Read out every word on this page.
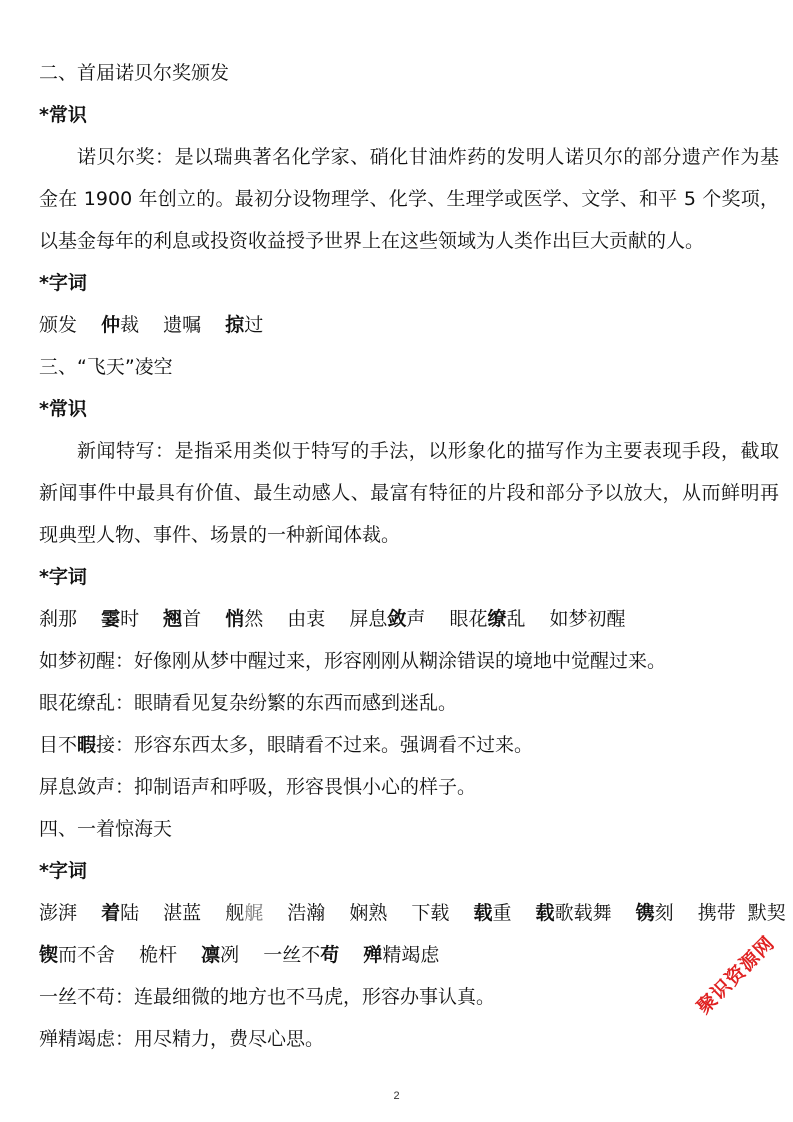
二、首届诺贝尔奖颁发
*常识
诺贝尔奖：是以瑞典著名化学家、硝化甘油炸药的发明人诺贝尔的部分遗产作为基金在 1900 年创立的。最初分设物理学、化学、生理学或医学、文学、和平 5 个奖项，以基金每年的利息或投资收益授予世界上在这些领域为人类作出巨大贡献的人。
*字词
颁发 仲裁 遗嘱 掠过
三、“飞天”凌空
*常识
新闻特写：是指采用类似于特写的手法，以形象化的描写作为主要表现手段，截取新闻事件中最具有价值、最生动感人、最富有特征的片段和部分予以放大，从而鲜明再现典型人物、事件、场景的一种新闻体裁。
*字词
刹那 霎时 翘首 悄然 由衷 屏息敛声 眼花缭乱 如梦初醒
如梦初醒：好像刚从梦中醒过来，形容刚刚从糊涂错误的境地中觉醒过来。
眼花缭乱：眼睛看见复杂纷繁的东西而感到迷乱。
目不暇接：形容东西太多，眼睛看不过来。强调看不过来。
屏息敛声：抑制语声和呼吸，形容畏惧小心的样子。
四、一着惊海天
*字词
澎湃 着陆 湛蓝 舰艉 浩瀚 娴熟 下载 载重 载歌载舞 镌刻 携带 默契
锲而不舍 桅杆 凛冽 一丝不苟 殚精竭虑
一丝不苟：连最细微的地方也不马虎，形容办事认真。
殚精竭虑：用尽精力，费尽心思。
聚识资源网
2
